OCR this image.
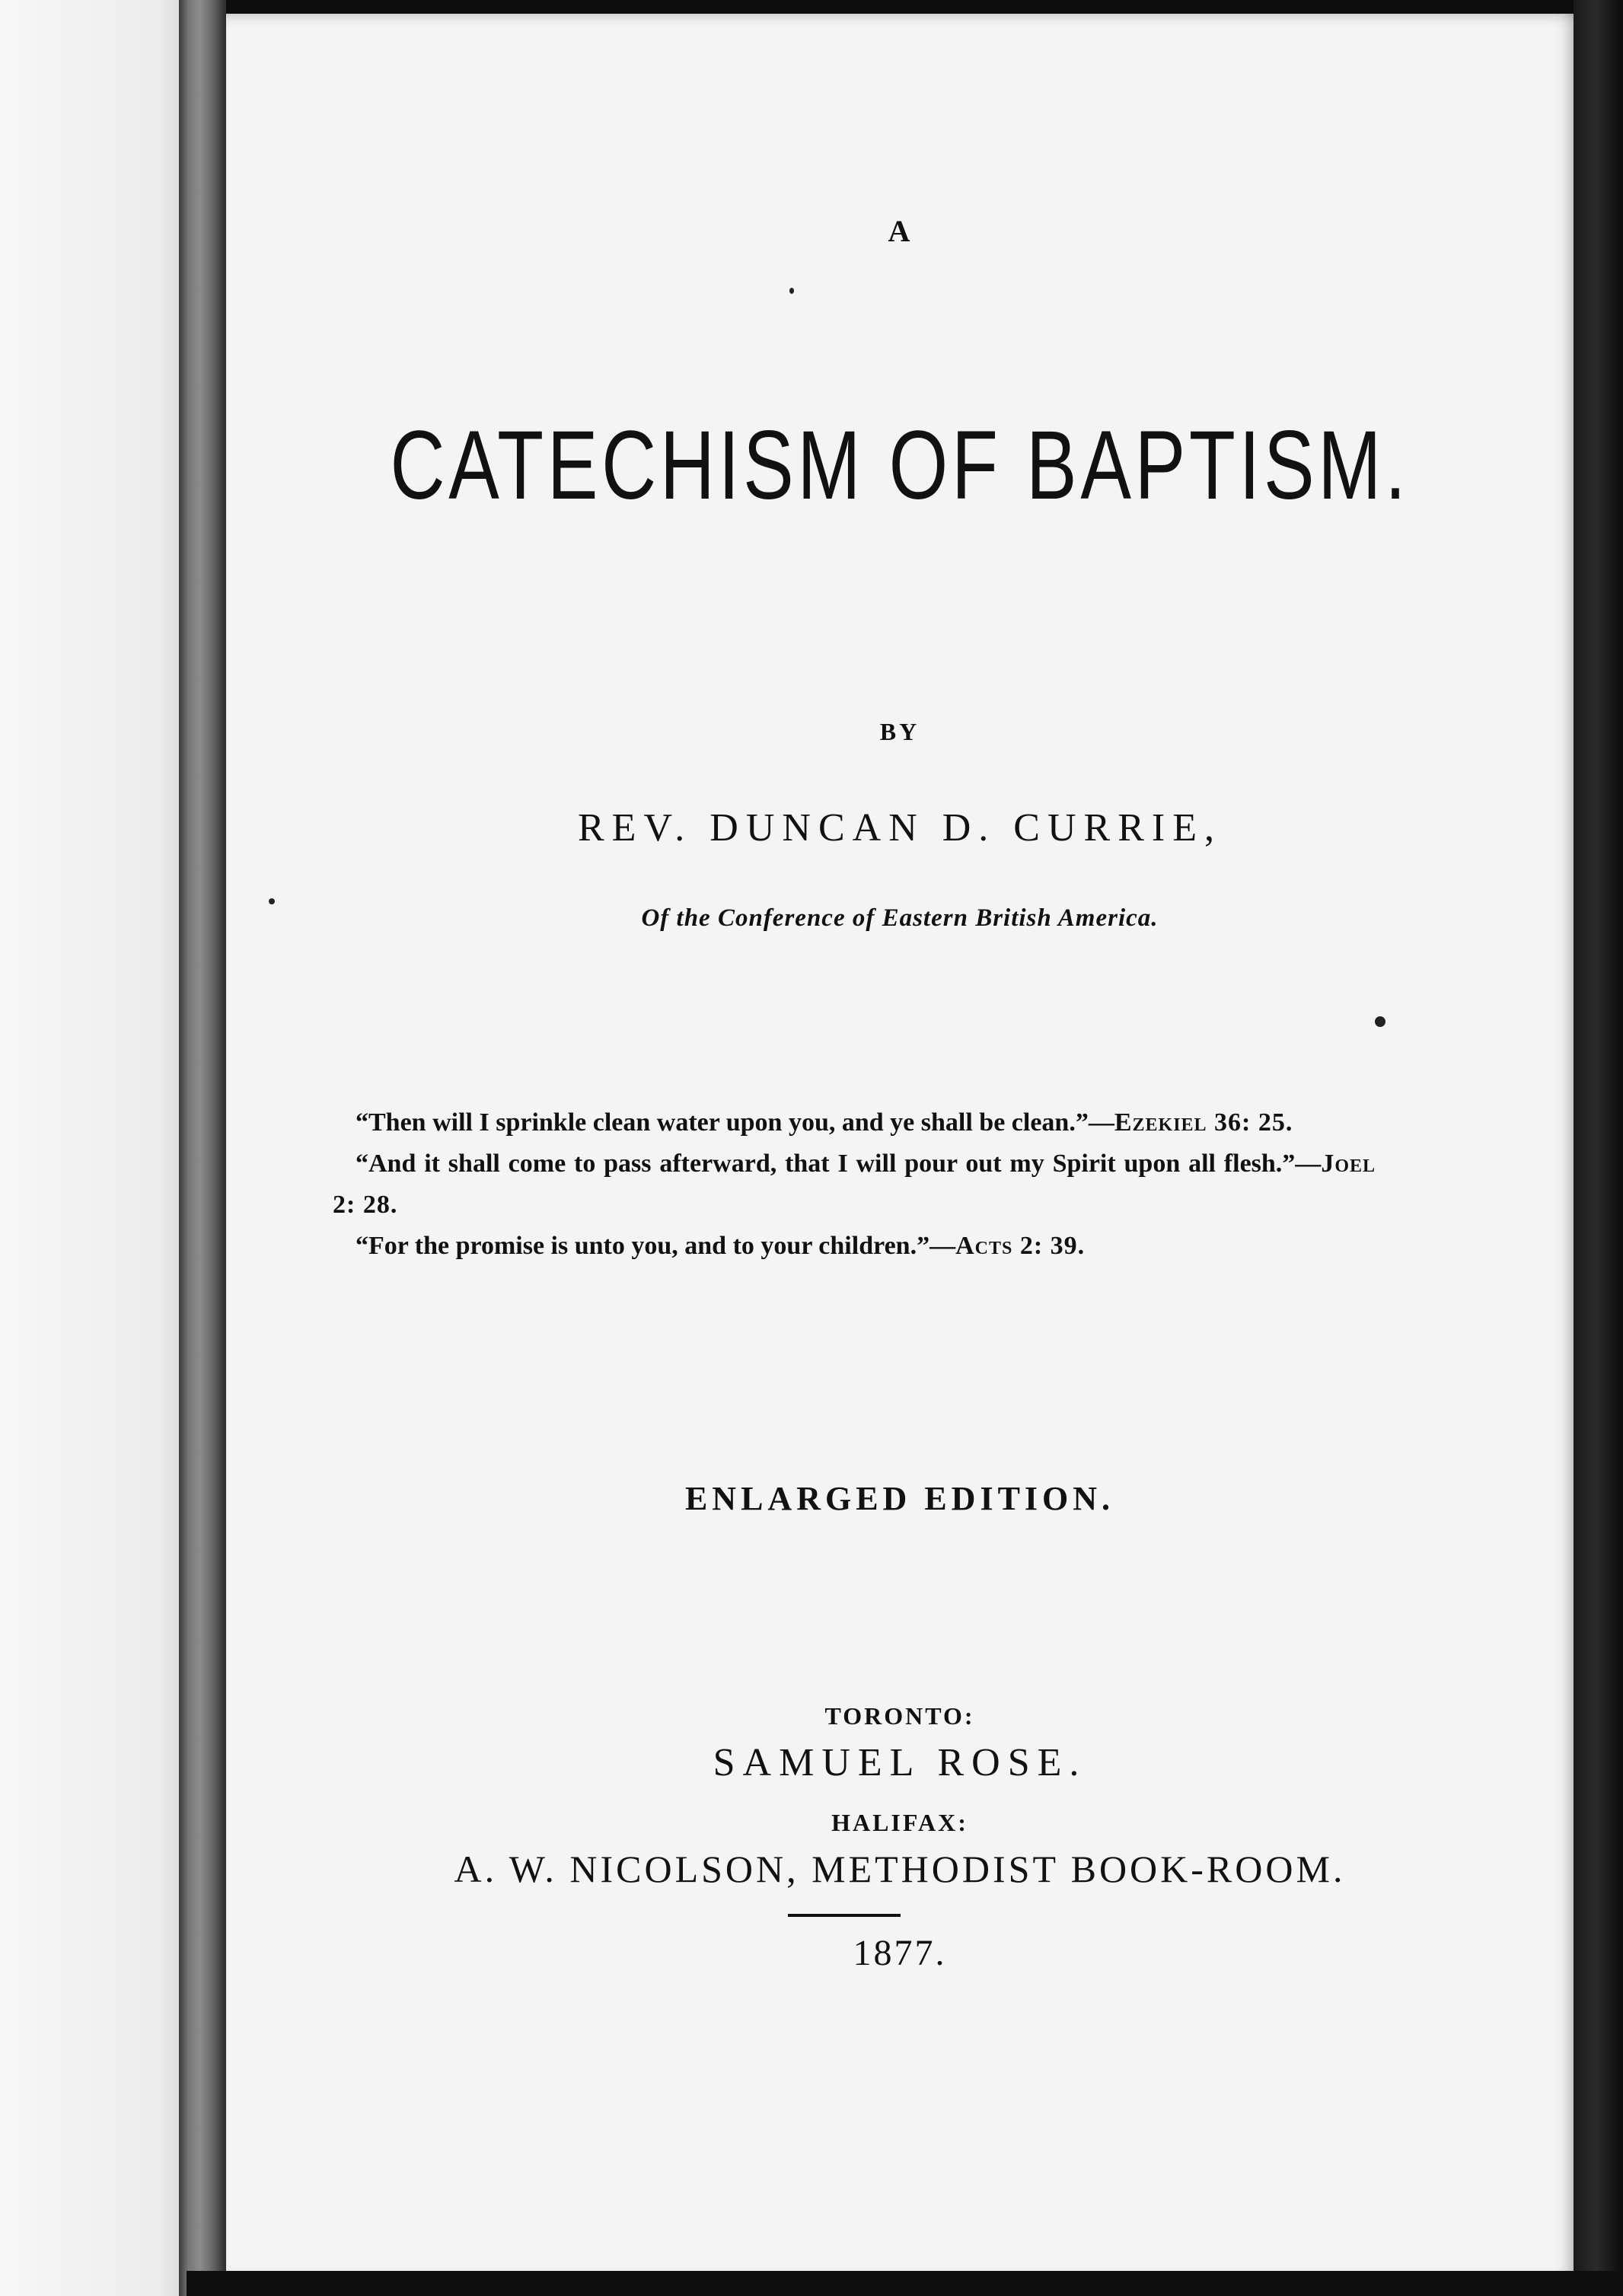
A
CATECHISM OF BAPTISM.
BY
REV. DUNCAN D. CURRIE,
Of the Conference of Eastern British America.

“Then will I sprinkle clean water upon you, and ye shall be clean.”—Ezekiel 36: 25.

“And it shall come to pass afterward, that I will pour out my Spirit upon all flesh.”—Joel 2: 28.

“For the promise is unto you, and to your children.”—Acts 2: 39.

ENLARGED EDITION.
TORONTO:
SAMUEL ROSE.
HALIFAX:
A. W. NICOLSON, METHODIST BOOK-ROOM.
1877.
